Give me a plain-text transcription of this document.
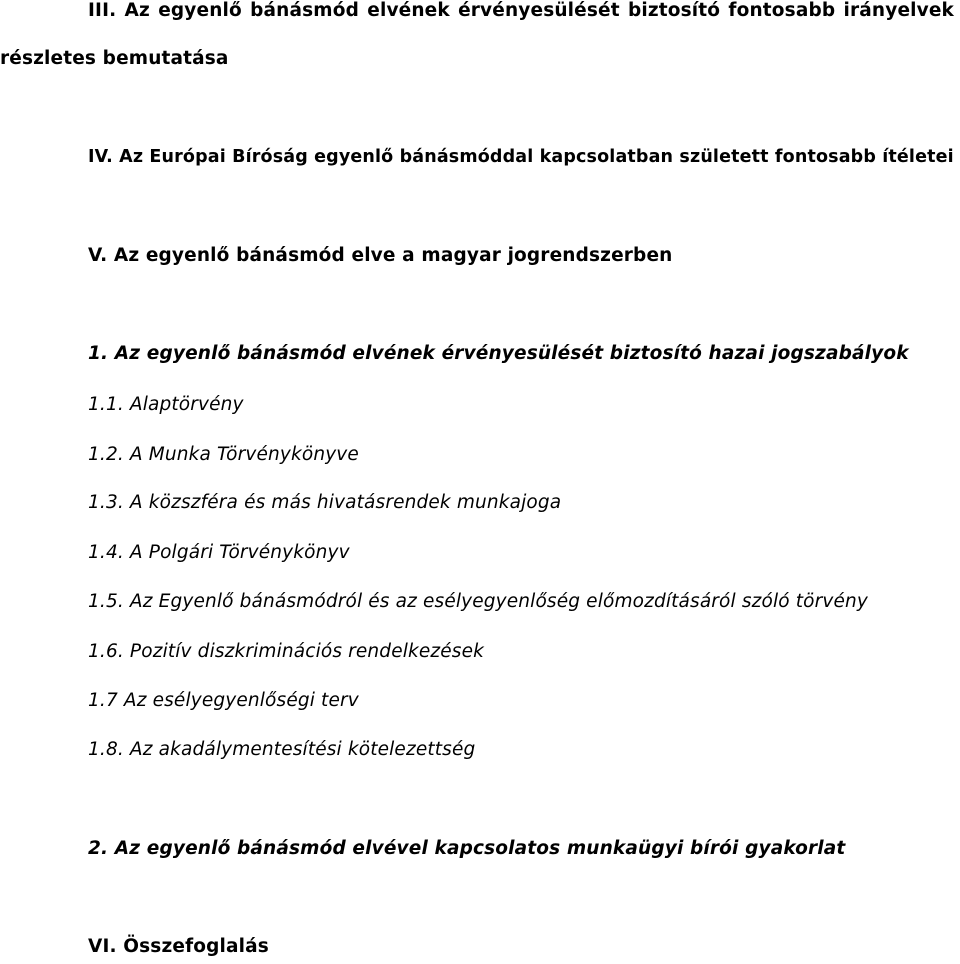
III. Az egyenlő bánásmód elvének érvényesülését biztosító fontosabb irányelvek
részletes bemutatása
IV. Az Európai Bíróság egyenlő bánásmóddal kapcsolatban született fontosabb ítéletei
V. Az egyenlő bánásmód elve a magyar jogrendszerben
1. Az egyenlő bánásmód elvének érvényesülését biztosító hazai jogszabályok
1.1. Alaptörvény
1.2. A Munka Törvénykönyve
1.3. A közszféra és más hivatásrendek munkajoga
1.4. A Polgári Törvénykönyv
1.5. Az Egyenlő bánásmódról és az esélyegyenlőség előmozdításáról szóló törvény
1.6. Pozitív diszkriminációs rendelkezések
1.7 Az esélyegyenlőségi terv
1.8. Az akadálymentesítési kötelezettség
2. Az egyenlő bánásmód elvével kapcsolatos munkaügyi bírói gyakorlat
VI. Összefoglalás
